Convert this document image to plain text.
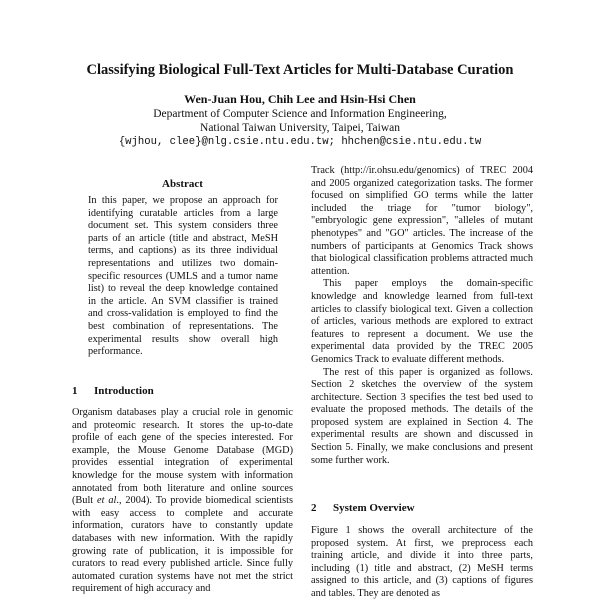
Classifying Biological Full-Text Articles for Multi-Database Curation
Wen-Juan Hou, Chih Lee and Hsin-Hsi Chen
Department of Computer Science and Information Engineering,
National Taiwan University, Taipei, Taiwan
{wjhou, clee}@nlg.csie.ntu.edu.tw; hhchen@csie.ntu.edu.tw
Abstract
In this paper, we propose an approach for identifying curatable articles from a large document set. This system considers three parts of an article (title and abstract, MeSH terms, and captions) as its three individual representations and utilizes two domain-specific resources (UMLS and a tumor name list) to reveal the deep knowledge contained in the article. An SVM classifier is trained and cross-validation is employed to find the best combination of representations. The experimental results show overall high performance.
1 Introduction

Organism databases play a crucial role in genomic and proteomic research. It stores the up-to-date profile of each gene of the species interested. For example, the Mouse Genome Database (MGD) provides essential integration of experimental knowledge for the mouse system with information annotated from both literature and online sources (Bult et al., 2004). To provide biomedical scientists with easy access to complete and accurate information, curators have to constantly update databases with new information. With the rapidly growing rate of publication, it is impossible for curators to read every published article. Since fully automated curation systems have not met the strict requirement of high accuracy and

Track (http://ir.ohsu.edu/genomics) of TREC 2004 and 2005 organized categorization tasks. The former focused on simplified GO terms while the latter included the triage for "tumor biology", "embryologic gene expression", "alleles of mutant phenotypes" and "GO" articles. The increase of the numbers of participants at Genomics Track shows that biological classification problems attracted much attention.

This paper employs the domain-specific knowledge and knowledge learned from full-text articles to classify biological text. Given a collection of articles, various methods are explored to extract features to represent a document. We use the experimental data provided by the TREC 2005 Genomics Track to evaluate different methods.

The rest of this paper is organized as follows. Section 2 sketches the overview of the system architecture. Section 3 specifies the test bed used to evaluate the proposed methods. The details of the proposed system are explained in Section 4. The experimental results are shown and discussed in Section 5. Finally, we make conclusions and present some further work.

2 System Overview
Figure 1 shows the overall architecture of the proposed system. At first, we preprocess each training article, and divide it into three parts, including (1) title and abstract, (2) MeSH terms assigned to this article, and (3) captions of figures and tables. They are denoted as
